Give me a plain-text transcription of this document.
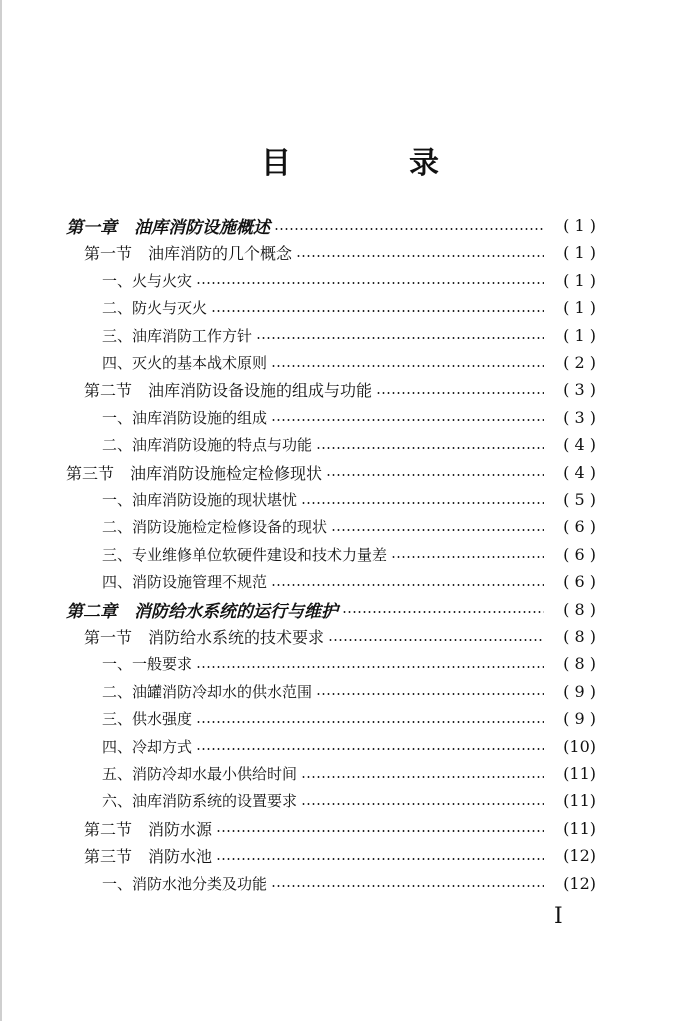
目　录
第一章　油库消防设施概述	( 1 )
第一节　油库消防的几个概念	( 1 )
一、火与火灾	( 1 )
二、防火与灭火	( 1 )
三、油库消防工作方针	( 1 )
四、灭火的基本战术原则	( 2 )
第二节　油库消防设备设施的组成与功能	( 3 )
一、油库消防设施的组成	( 3 )
二、油库消防设施的特点与功能	( 4 )
第三节　油库消防设施检定检修现状	( 4 )
一、油库消防设施的现状堪忧	( 5 )
二、消防设施检定检修设备的现状	( 6 )
三、专业维修单位软硬件建设和技术力量差	( 6 )
四、消防设施管理不规范	( 6 )
第二章　消防给水系统的运行与维护	( 8 )
第一节　消防给水系统的技术要求	( 8 )
一、一般要求	( 8 )
二、油罐消防冷却水的供水范围	( 9 )
三、供水强度	( 9 )
四、冷却方式	(10)
五、消防冷却水最小供给时间	(11)
六、油库消防系统的设置要求	(11)
第二节　消防水源	(11)
第三节　消防水池	(12)
一、消防水池分类及功能	(12)
I
